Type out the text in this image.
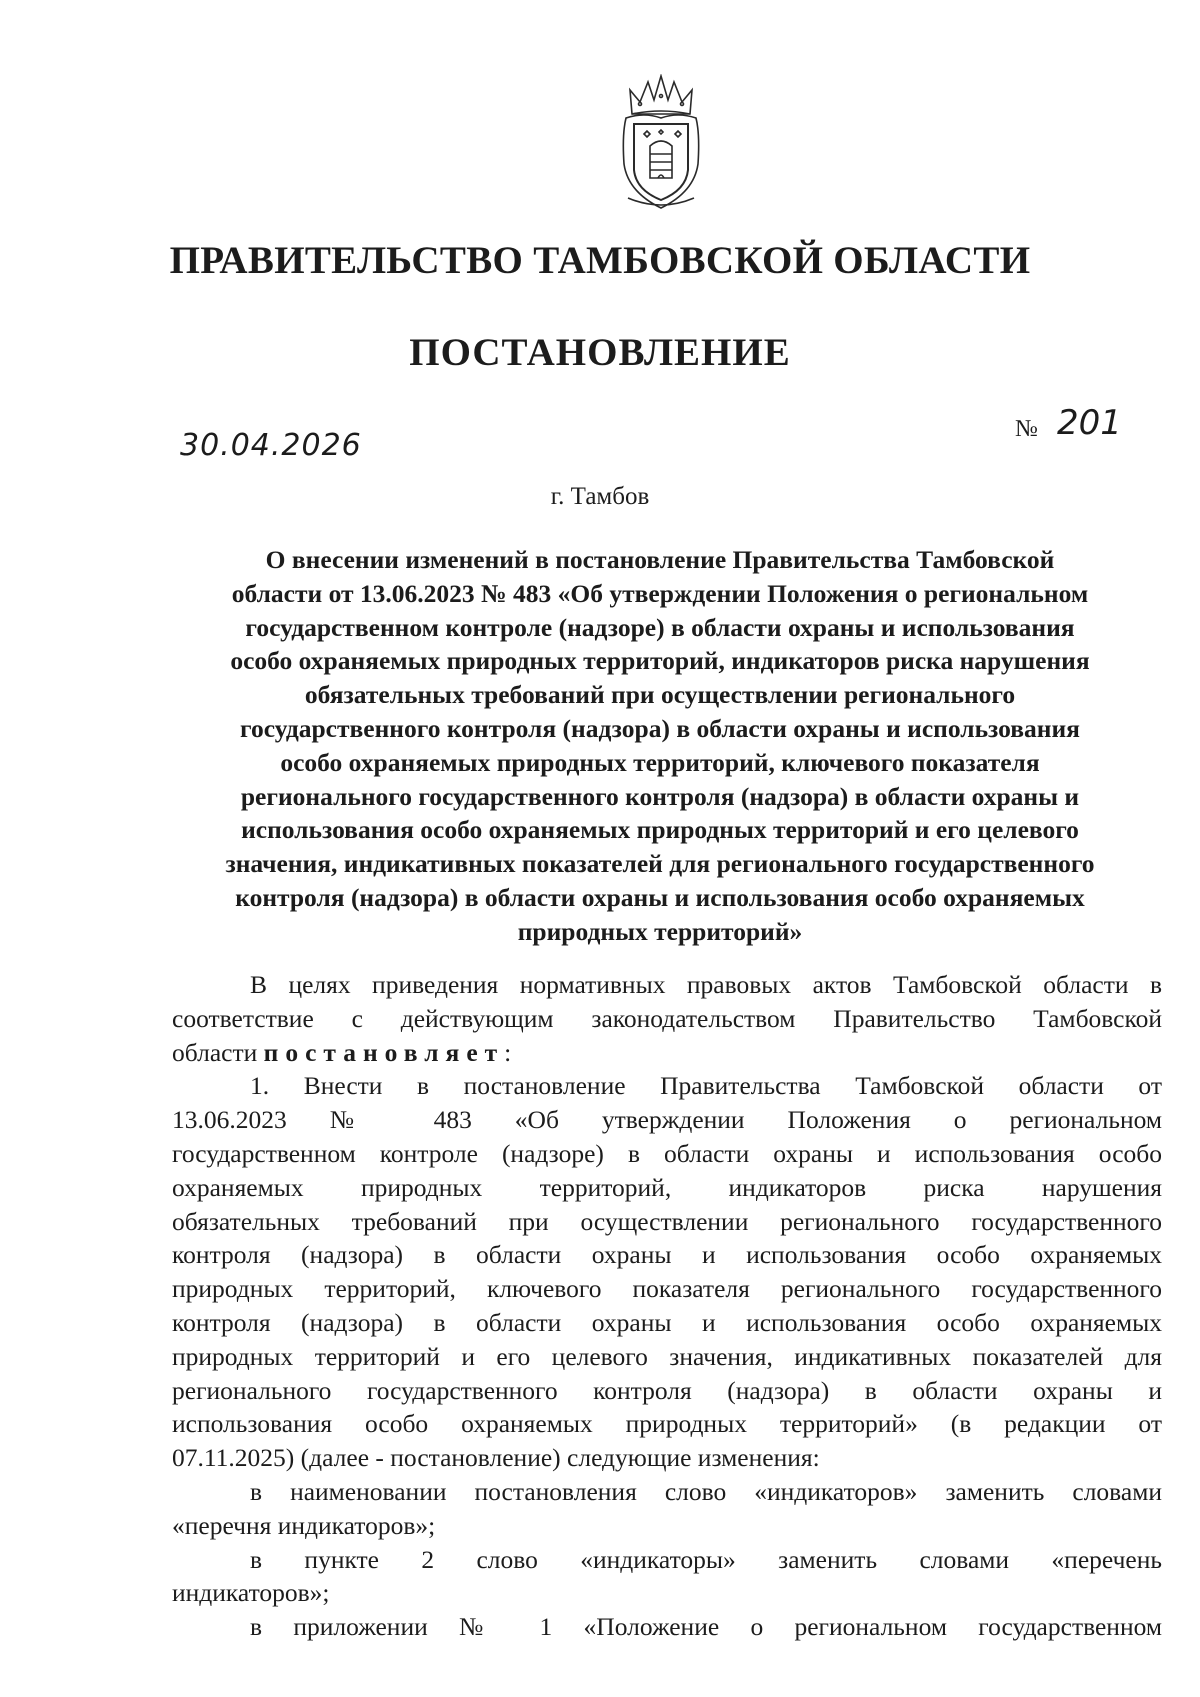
ПРАВИТЕЛЬСТВО ТАМБОВСКОЙ ОБЛАСТИ
ПОСТАНОВЛЕНИЕ
30.04.2026	№ 201
г. Тамбов
О внесении изменений в постановление Правительства Тамбовской
области от 13.06.2023 № 483 «Об утверждении Положения о региональном
государственном контроле (надзоре) в области охраны и использования
особо охраняемых природных территорий, индикаторов риска нарушения
обязательных требований при осуществлении регионального
государственного контроля (надзора) в области охраны и использования
особо охраняемых природных территорий, ключевого показателя
регионального государственного контроля (надзора) в области охраны и
использования особо охраняемых природных территорий и его целевого
значения, индикативных показателей для регионального государственного
контроля (надзора) в области охраны и использования особо охраняемых
природных территорий»
В целях приведения нормативных правовых актов Тамбовской области в
соответствие с действующим законодательством Правительство Тамбовской
области постановляет:
1. Внести в постановление Правительства Тамбовской области от
13.06.2023 № 483 «Об утверждении Положения о региональном
государственном контроле (надзоре) в области охраны и использования особо
охраняемых природных территорий, индикаторов риска нарушения
обязательных требований при осуществлении регионального государственного
контроля (надзора) в области охраны и использования особо охраняемых
природных территорий, ключевого показателя регионального государственного
контроля (надзора) в области охраны и использования особо охраняемых
природных территорий и его целевого значения, индикативных показателей для
регионального государственного контроля (надзора) в области охраны и
использования особо охраняемых природных территорий» (в редакции от
07.11.2025) (далее - постановление) следующие изменения:
в наименовании постановления слово «индикаторов» заменить словами
«перечня индикаторов»;
в пункте 2 слово «индикаторы» заменить словами «перечень
индикаторов»;
в приложении № 1 «Положение о региональном государственном
